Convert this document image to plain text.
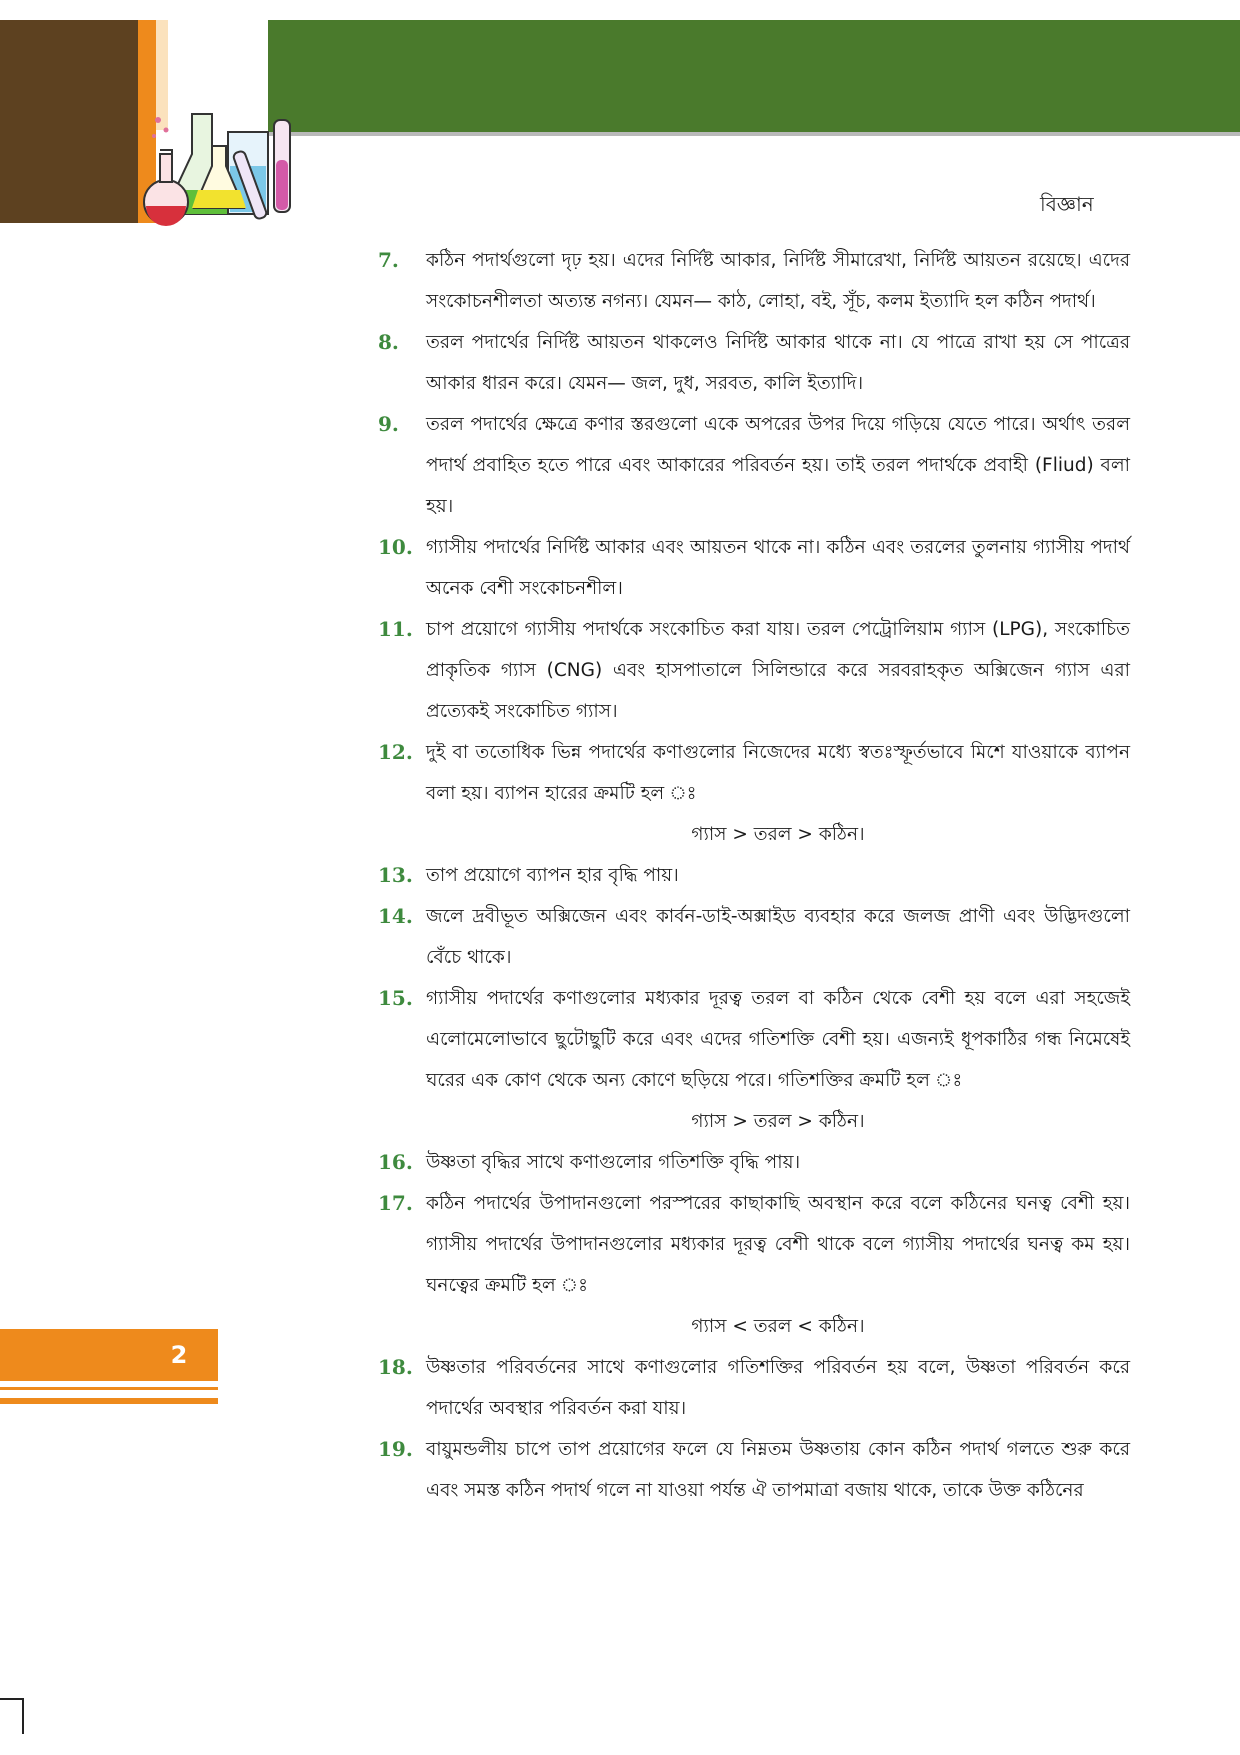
বিজ্ঞান
7.	কঠিন পদার্থগুলো দৃঢ় হয়। এদের নির্দিষ্ট আকার, নির্দিষ্ট সীমারেখা, নির্দিষ্ট আয়তন রয়েছে। এদের সংকোচনশীলতা অত্যন্ত নগন্য। যেমন— কাঠ, লোহা, বই, সূঁচ, কলম ইত্যাদি হল কঠিন পদার্থ।
8.	তরল পদার্থের নির্দিষ্ট আয়তন থাকলেও নির্দিষ্ট আকার থাকে না। যে পাত্রে রাখা হয় সে পাত্রের আকার ধারন করে। যেমন— জল, দুধ, সরবত, কালি ইত্যাদি।
9.	তরল পদার্থের ক্ষেত্রে কণার স্তরগুলো একে অপরের উপর দিয়ে গড়িয়ে যেতে পারে। অর্থাৎ তরল পদার্থ প্রবাহিত হতে পারে এবং আকারের পরিবর্তন হয়। তাই তরল পদার্থকে প্রবাহী (Fliud) বলা হয়।
10. গ্যাসীয় পদার্থের নির্দিষ্ট আকার এবং আয়তন থাকে না। কঠিন এবং তরলের তুলনায় গ্যাসীয় পদার্থ অনেক বেশী সংকোচনশীল।
11. চাপ প্রয়োগে গ্যাসীয় পদার্থকে সংকোচিত করা যায়। তরল পেট্রোলিয়াম গ্যাস (LPG), সংকোচিত প্রাকৃতিক গ্যাস (CNG) এবং হাসপাতালে সিলিন্ডারে করে সরবরাহকৃত অক্সিজেন গ্যাস এরা প্রত্যেকই সংকোচিত গ্যাস।
12. দুই বা ততোধিক ভিন্ন পদার্থের কণাগুলোর নিজেদের মধ্যে স্বতঃস্ফূর্তভাবে মিশে যাওয়াকে ব্যাপন বলা হয়। ব্যাপন হারের ক্রমটি হল ঃ
গ্যাস > তরল > কঠিন।
13. তাপ প্রয়োগে ব্যাপন হার বৃদ্ধি পায়।
14. জলে দ্রবীভূত অক্সিজেন এবং কার্বন-ডাই-অক্সাইড ব্যবহার করে জলজ প্রাণী এবং উদ্ভিদগুলো বেঁচে থাকে।
15. গ্যাসীয় পদার্থের কণাগুলোর মধ্যকার দূরত্ব তরল বা কঠিন থেকে বেশী হয় বলে এরা সহজেই এলোমেলোভাবে ছুটোছুটি করে এবং এদের গতিশক্তি বেশী হয়। এজন্যই ধূপকাঠির গন্ধ নিমেষেই ঘরের এক কোণ থেকে অন্য কোণে ছড়িয়ে পরে। গতিশক্তির ক্রমটি হল ঃ
গ্যাস > তরল > কঠিন।
16. উষ্ণতা বৃদ্ধির সাথে কণাগুলোর গতিশক্তি বৃদ্ধি পায়।
17. কঠিন পদার্থের উপাদানগুলো পরস্পরের কাছাকাছি অবস্থান করে বলে কঠিনের ঘনত্ব বেশী হয়। গ্যাসীয় পদার্থের উপাদানগুলোর মধ্যকার দূরত্ব বেশী থাকে বলে গ্যাসীয় পদার্থের ঘনত্ব কম হয়। ঘনত্বের ক্রমটি হল ঃ
গ্যাস < তরল < কঠিন।
18. উষ্ণতার পরিবর্তনের সাথে কণাগুলোর গতিশক্তির পরিবর্তন হয় বলে, উষ্ণতা পরিবর্তন করে পদার্থের অবস্থার পরিবর্তন করা যায়।
19. বায়ুমন্ডলীয় চাপে তাপ প্রয়োগের ফলে যে নিম্নতম উষ্ণতায় কোন কঠিন পদার্থ গলতে শুরু করে এবং সমস্ত কঠিন পদার্থ গলে না যাওয়া পর্যন্ত ঐ তাপমাত্রা বজায় থাকে, তাকে উক্ত কঠিনের
2
